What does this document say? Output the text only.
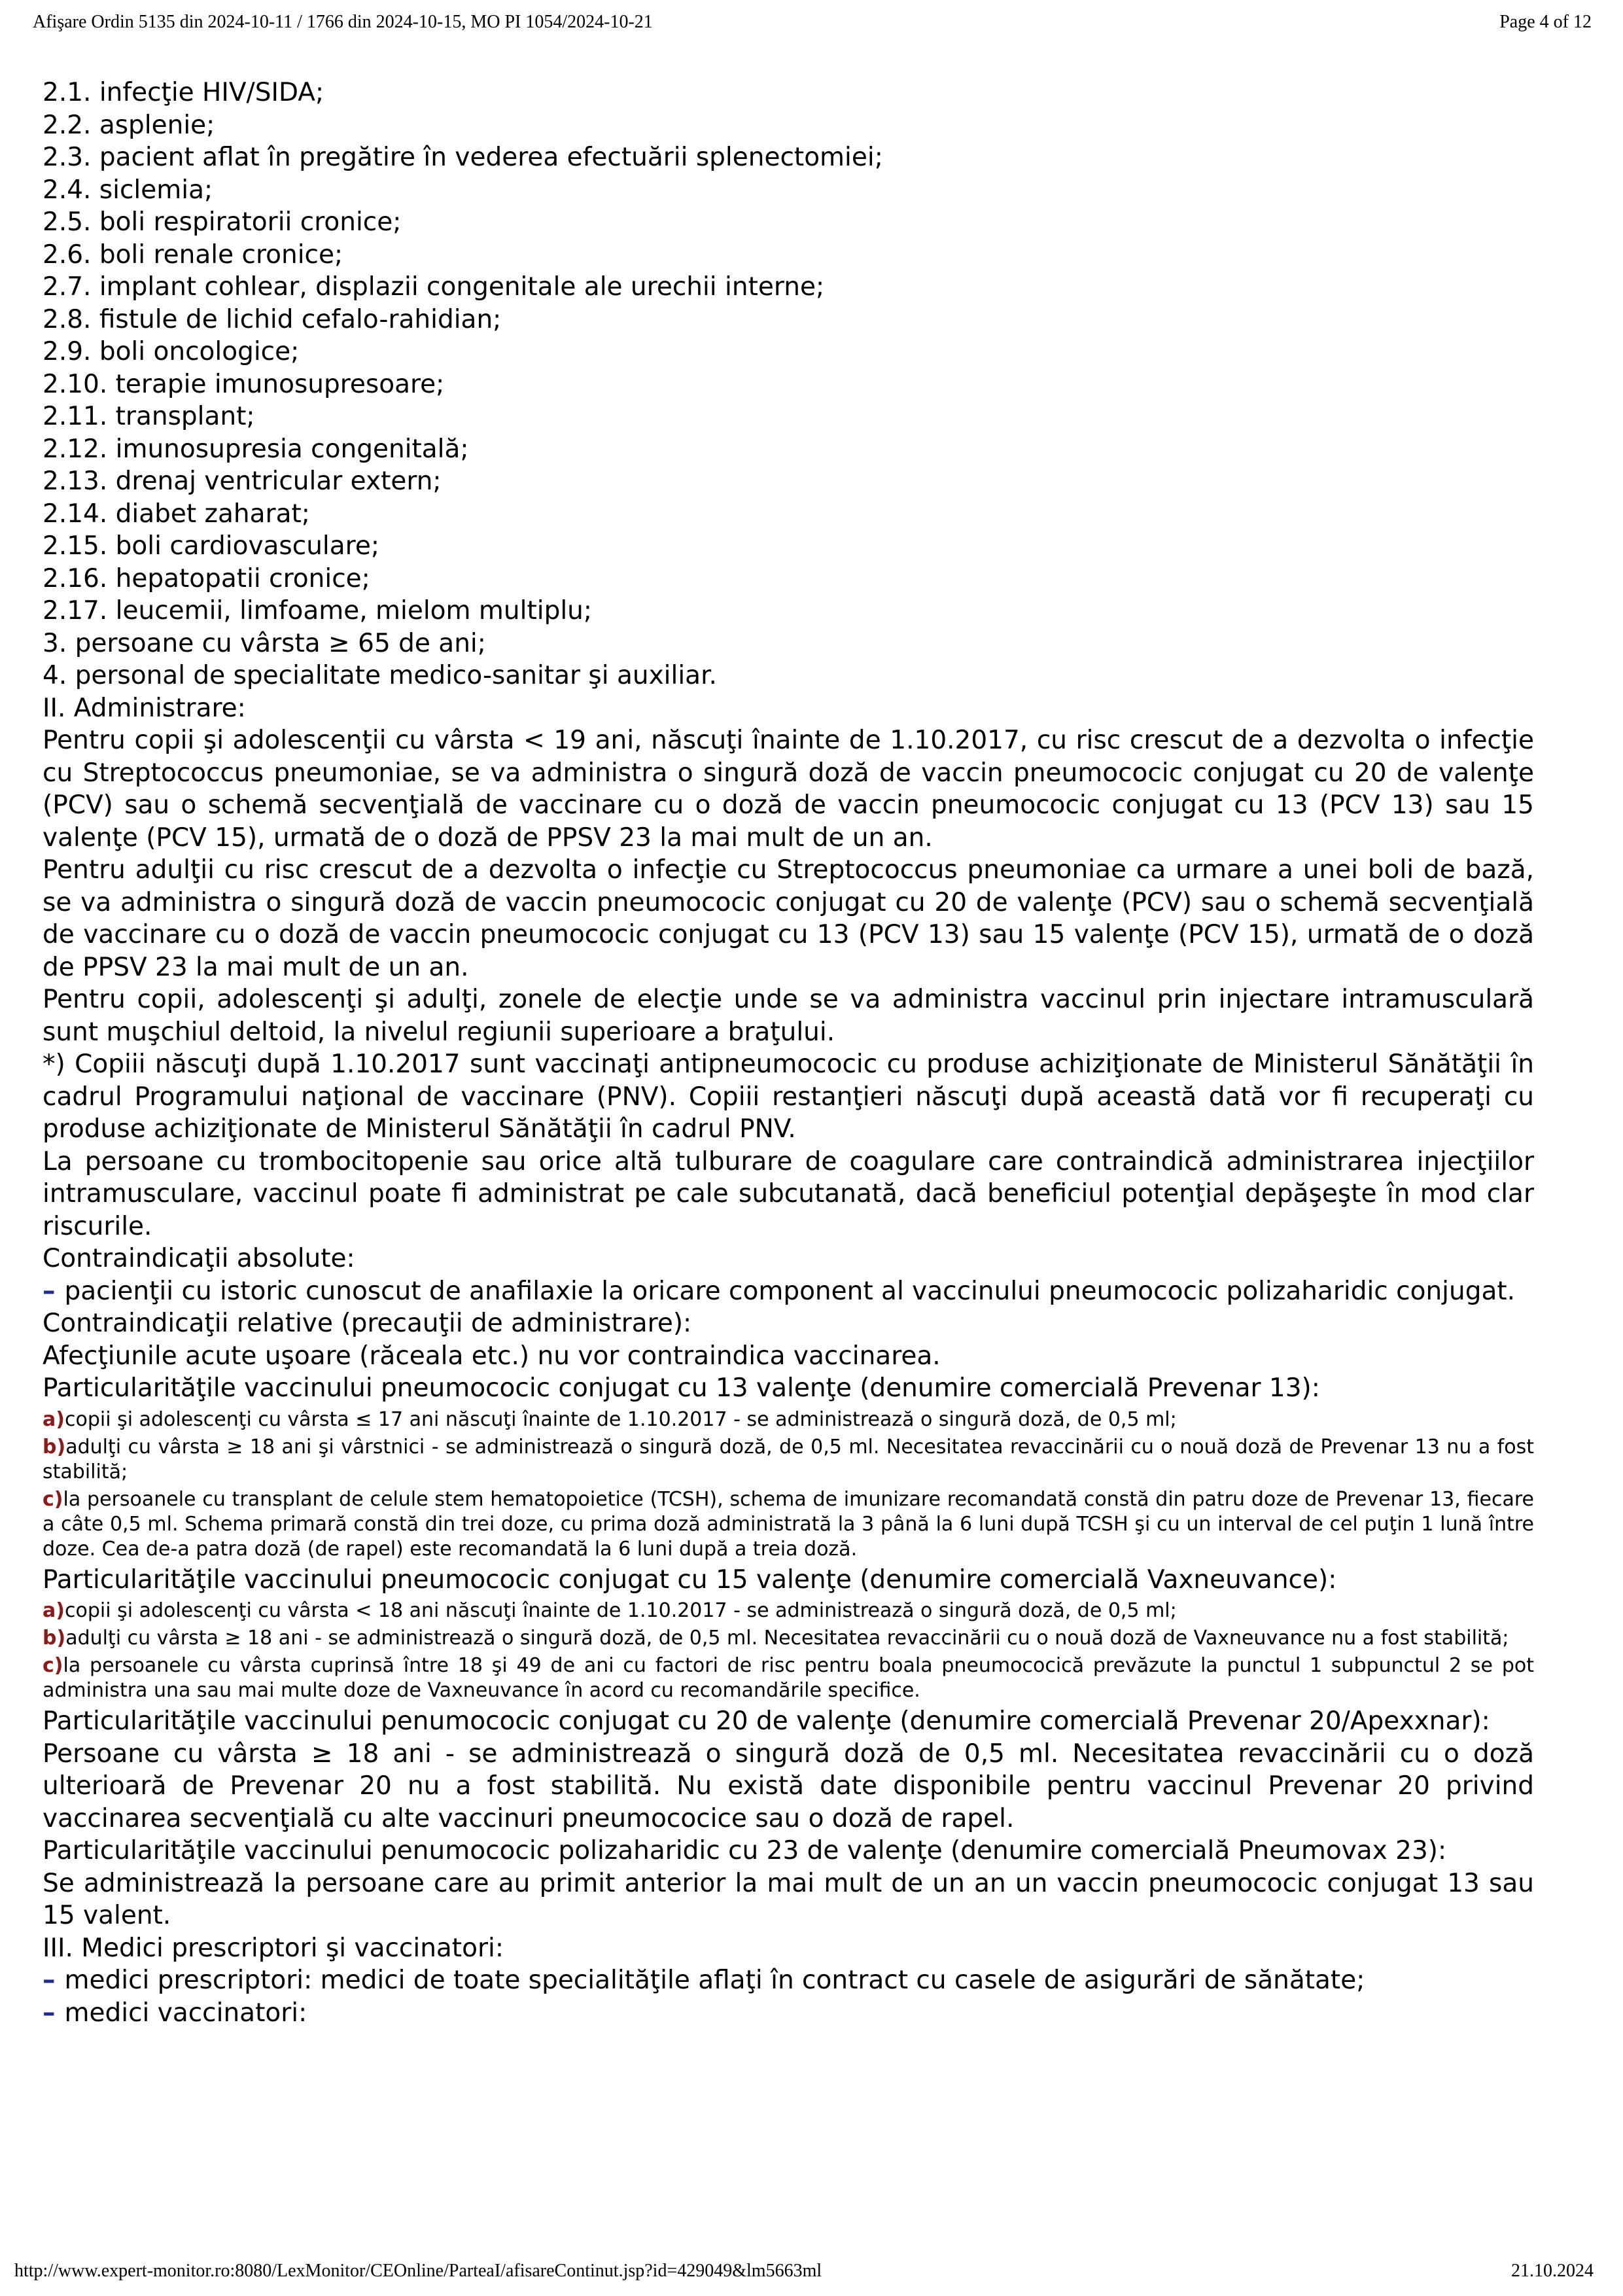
Afişare Ordin 5135 din 2024-10-11 / 1766 din 2024-10-15, MO PI 1054/2024-10-21	Page 4 of 12
2.1. infecţie HIV/SIDA;
2.2. asplenie;
2.3. pacient aflat în pregătire în vederea efectuării splenectomiei;
2.4. siclemia;
2.5. boli respiratorii cronice;
2.6. boli renale cronice;
2.7. implant cohlear, displazii congenitale ale urechii interne;
2.8. fistule de lichid cefalo-rahidian;
2.9. boli oncologice;
2.10. terapie imunosupresoare;
2.11. transplant;
2.12. imunosupresia congenitală;
2.13. drenaj ventricular extern;
2.14. diabet zaharat;
2.15. boli cardiovasculare;
2.16. hepatopatii cronice;
2.17. leucemii, limfoame, mielom multiplu;
3. persoane cu vârsta ≥ 65 de ani;
4. personal de specialitate medico-sanitar şi auxiliar.
II. Administrare:
Pentru copii şi adolescenţii cu vârsta < 19 ani, născuţi înainte de 1.10.2017, cu risc crescut de a dezvolta o infecţie cu Streptococcus pneumoniae, se va administra o singură doză de vaccin pneumococic conjugat cu 20 de valenţe (PCV) sau o schemă secvenţială de vaccinare cu o doză de vaccin pneumococic conjugat cu 13 (PCV 13) sau 15 valenţe (PCV 15), urmată de o doză de PPSV 23 la mai mult de un an.
Pentru adulţii cu risc crescut de a dezvolta o infecţie cu Streptococcus pneumoniae ca urmare a unei boli de bază, se va administra o singură doză de vaccin pneumococic conjugat cu 20 de valenţe (PCV) sau o schemă secvenţială de vaccinare cu o doză de vaccin pneumococic conjugat cu 13 (PCV 13) sau 15 valenţe (PCV 15), urmată de o doză de PPSV 23 la mai mult de un an.
Pentru copii, adolescenţi şi adulţi, zonele de elecţie unde se va administra vaccinul prin injectare intramusculară sunt muşchiul deltoid, la nivelul regiunii superioare a braţului.
*) Copiii născuţi după 1.10.2017 sunt vaccinaţi antipneumococic cu produse achiziţionate de Ministerul Sănătăţii în cadrul Programului naţional de vaccinare (PNV). Copiii restanţieri născuţi după această dată vor fi recuperaţi cu produse achiziţionate de Ministerul Sănătăţii în cadrul PNV.
La persoane cu trombocitopenie sau orice altă tulburare de coagulare care contraindică administrarea injecţiilor intramusculare, vaccinul poate fi administrat pe cale subcutanată, dacă beneficiul potenţial depăşeşte în mod clar riscurile.
Contraindicaţii absolute:
– pacienţii cu istoric cunoscut de anafilaxie la oricare component al vaccinului pneumococic polizaharidic conjugat.
Contraindicaţii relative (precauţii de administrare):
Afecţiunile acute uşoare (răceala etc.) nu vor contraindica vaccinarea.
Particularităţile vaccinului pneumococic conjugat cu 13 valenţe (denumire comercială Prevenar 13):
a)copii şi adolescenţi cu vârsta ≤ 17 ani născuţi înainte de 1.10.2017 - se administrează o singură doză, de 0,5 ml;
b)adulţi cu vârsta ≥ 18 ani şi vârstnici - se administrează o singură doză, de 0,5 ml. Necesitatea revaccinării cu o nouă doză de Prevenar 13 nu a fost stabilită;
c)la persoanele cu transplant de celule stem hematopoietice (TCSH), schema de imunizare recomandată constă din patru doze de Prevenar 13, fiecare a câte 0,5 ml. Schema primară constă din trei doze, cu prima doză administrată la 3 până la 6 luni după TCSH şi cu un interval de cel puţin 1 lună între doze. Cea de-a patra doză (de rapel) este recomandată la 6 luni după a treia doză.
Particularităţile vaccinului pneumococic conjugat cu 15 valenţe (denumire comercială Vaxneuvance):
a)copii şi adolescenţi cu vârsta < 18 ani născuţi înainte de 1.10.2017 - se administrează o singură doză, de 0,5 ml;
b)adulţi cu vârsta ≥ 18 ani - se administrează o singură doză, de 0,5 ml. Necesitatea revaccinării cu o nouă doză de Vaxneuvance nu a fost stabilită;
c)la persoanele cu vârsta cuprinsă între 18 şi 49 de ani cu factori de risc pentru boala pneumococică prevăzute la punctul 1 subpunctul 2 se pot administra una sau mai multe doze de Vaxneuvance în acord cu recomandările specifice.
Particularităţile vaccinului penumococic conjugat cu 20 de valenţe (denumire comercială Prevenar 20/Apexxnar):
Persoane cu vârsta ≥ 18 ani - se administrează o singură doză de 0,5 ml. Necesitatea revaccinării cu o doză ulterioară de Prevenar 20 nu a fost stabilită. Nu există date disponibile pentru vaccinul Prevenar 20 privind vaccinarea secvenţială cu alte vaccinuri pneumococice sau o doză de rapel.
Particularităţile vaccinului penumococic polizaharidic cu 23 de valenţe (denumire comercială Pneumovax 23):
Se administrează la persoane care au primit anterior la mai mult de un an un vaccin pneumococic conjugat 13 sau 15 valent.
III. Medici prescriptori şi vaccinatori:
– medici prescriptori: medici de toate specialităţile aflaţi în contract cu casele de asigurări de sănătate;
– medici vaccinatori:
http://www.expert-monitor.ro:8080/LexMonitor/CEOnline/ParteaI/afisareContinut.jsp?id=429049&lm5663ml	21.10.2024
